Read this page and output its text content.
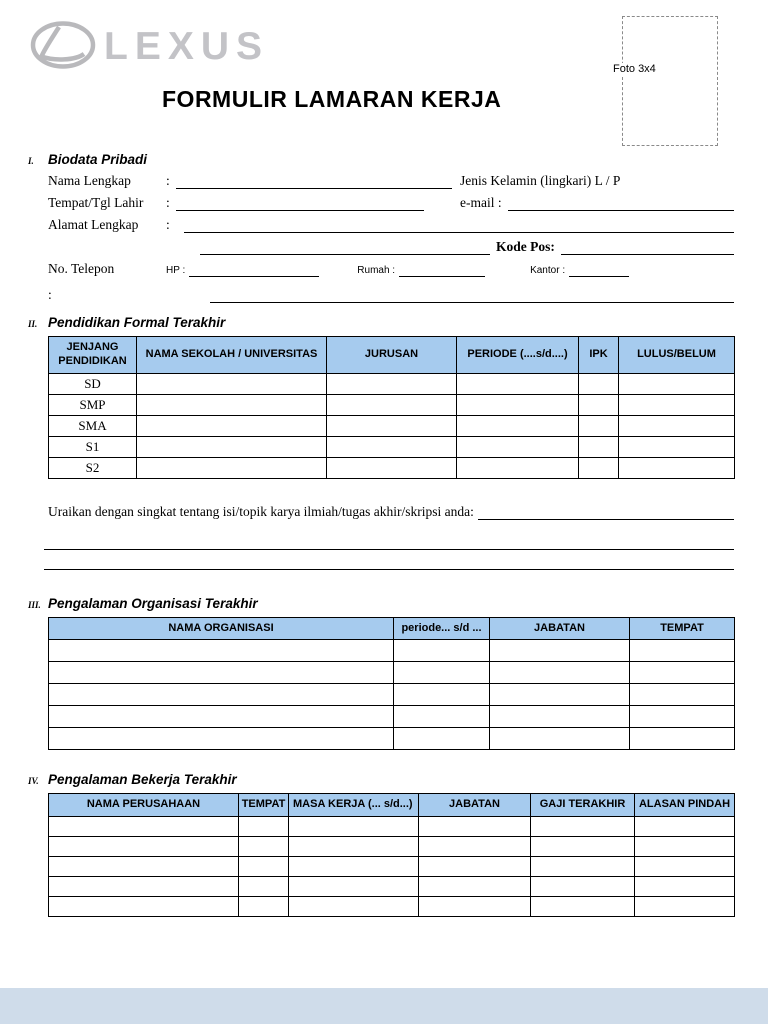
LEXUS
Foto 3x4
FORMULIR LAMARAN KERJA
I. Biodata Pribadi
Nama Lengkap	:	Jenis Kelamin (lingkari) L / P
Tempat/Tgl Lahir	:	e-mail :
Alamat Lengkap	:
Kode Pos:
No. Telepon	HP :	Rumah :	Kantor :
:
II. Pendidikan Formal Terakhir
JENJANG PENDIDIKAN	NAMA SEKOLAH / UNIVERSITAS	JURUSAN	PERIODE (....s/d....)	IPK	LULUS/BELUM
SD					
SMP					
SMA					
S1					
S2					
Uraikan dengan singkat tentang isi/topik karya ilmiah/tugas akhir/skripsi anda:
III. Pengalaman Organisasi Terakhir
NAMA ORGANISASI	periode... s/d ...	JABATAN	TEMPAT

IV. Pengalaman Bekerja Terakhir
NAMA PERUSAHAAN	TEMPAT	MASA KERJA (... s/d...)	JABATAN	GAJI TERAKHIR	ALASAN PINDAH
